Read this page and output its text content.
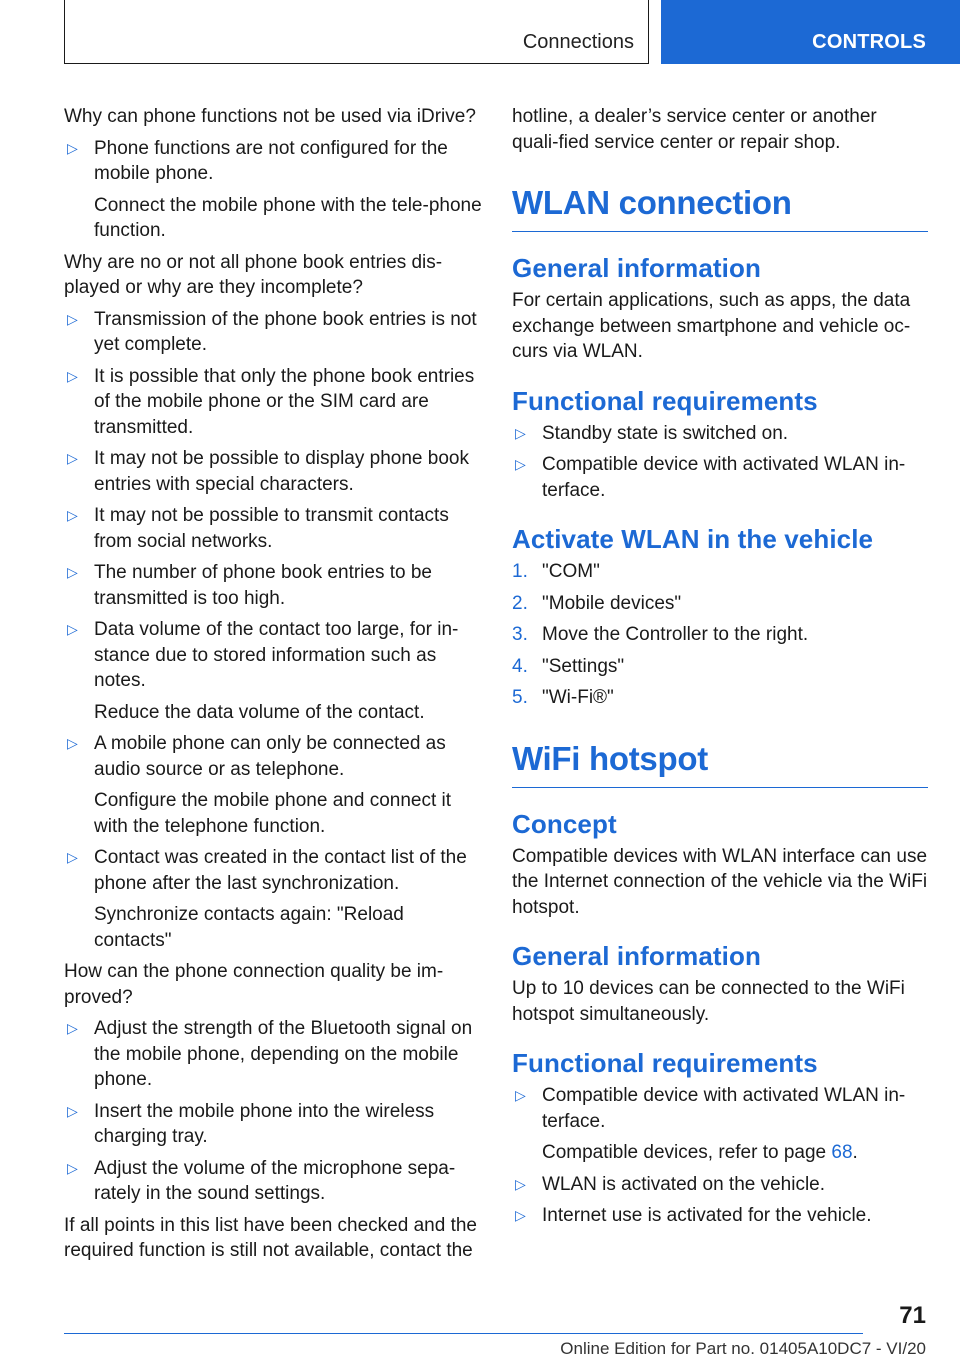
Connections	CONTROLS

Why can phone functions not be used via iDrive?

▷ Phone functions are not configured for the mobile phone.

Connect the mobile phone with the tele-phone function.

Why are no or not all phone book entries dis-played or why are they incomplete?

▷ Transmission of the phone book entries is not yet complete.
▷ It is possible that only the phone book entries of the mobile phone or the SIM card are transmitted.
▷ It may not be possible to display phone book entries with special characters.
▷ It may not be possible to transmit contacts from social networks.
▷ The number of phone book entries to be transmitted is too high.
▷ Data volume of the contact too large, for in-stance due to stored information such as notes.

Reduce the data volume of the contact.

▷ A mobile phone can only be connected as audio source or as telephone.

Configure the mobile phone and connect it with the telephone function.

▷ Contact was created in the contact list of the phone after the last synchronization.

Synchronize contacts again: "Reload contacts"

How can the phone connection quality be im-proved?

▷ Adjust the strength of the Bluetooth signal on the mobile phone, depending on the mobile phone.
▷ Insert the mobile phone into the wireless charging tray.
▷ Adjust the volume of the microphone sepa-rately in the sound settings.

If all points in this list have been checked and the required function is still not available, contact the

hotline, a dealer’s service center or another quali-fied service center or repair shop.

WLAN connection
General information

For certain applications, such as apps, the data exchange between smartphone and vehicle oc-curs via WLAN.

Functional requirements
▷ Standby state is switched on.
▷ Compatible device with activated WLAN in-terface.
Activate WLAN in the vehicle
1. "COM"
2. "Mobile devices"
3. Move the Controller to the right.
4. "Settings"
5. "Wi-Fi®"
WiFi hotspot
Concept

Compatible devices with WLAN interface can use the Internet connection of the vehicle via the WiFi hotspot.

General information

Up to 10 devices can be connected to the WiFi hotspot simultaneously.

Functional requirements
▷ Compatible device with activated WLAN in-terface.

Compatible devices, refer to page 68.

▷ WLAN is activated on the vehicle.
▷ Internet use is activated for the vehicle.
71
Online Edition for Part no. 01405A10DC7 - VI/20
